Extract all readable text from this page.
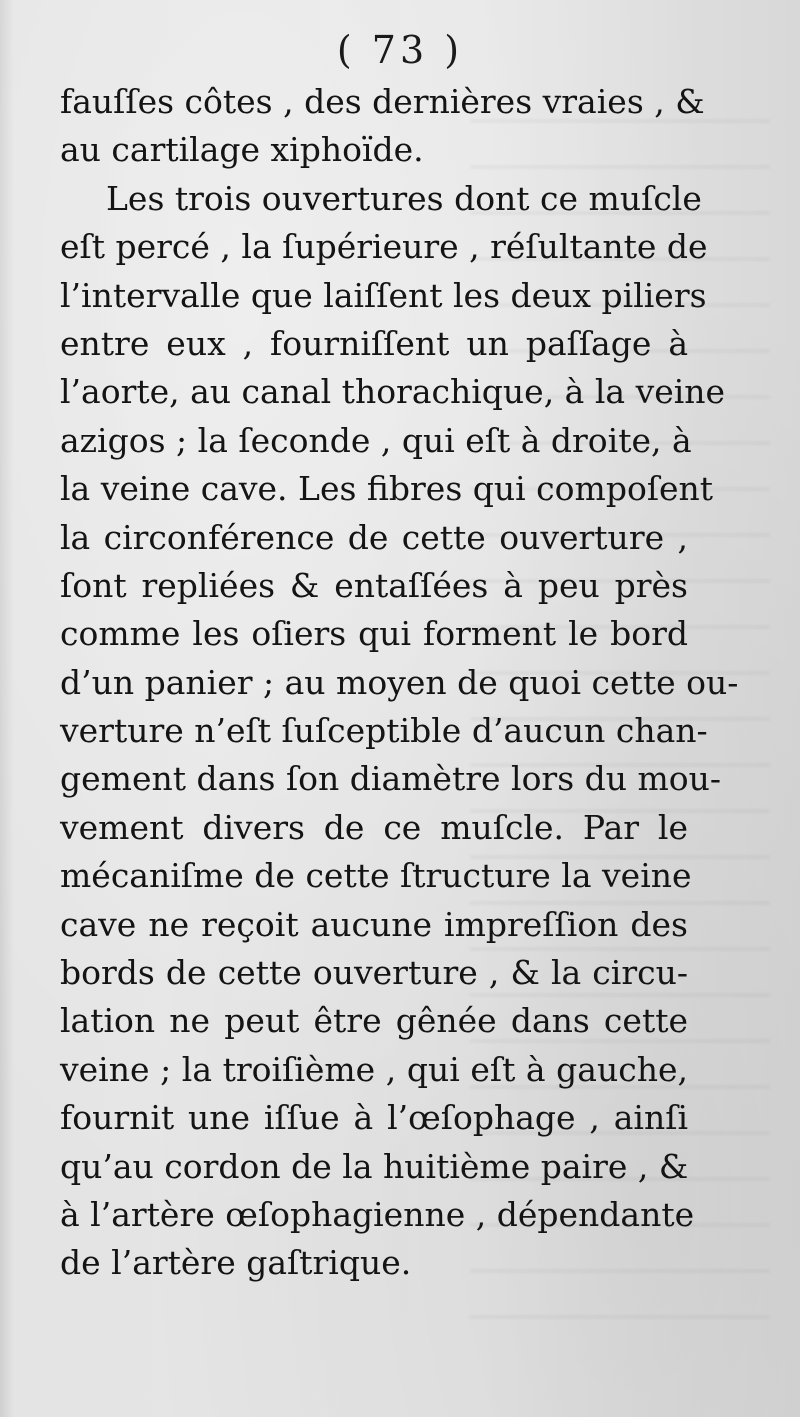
( 73 )
fauſſes côtes , des dernières vraies , &
au cartilage xiphoïde.
Les trois ouvertures dont ce muſcle
eſt percé , la ſupérieure , réſultante de
l’intervalle que laiſſent les deux piliers
entre eux , fourniſſent un paſſage à
l’aorte, au canal thorachique, à la veine
azigos ; la ſeconde , qui eſt à droite, à
la veine cave. Les fibres qui compoſent
la circonférence de cette ouverture ,
ſont repliées & entaſſées à peu près
comme les oſiers qui forment le bord
d’un panier ; au moyen de quoi cette ou-
verture n’eſt ſuſceptible d’aucun chan-
gement dans ſon diamètre lors du mou-
vement divers de ce muſcle. Par le
mécaniſme de cette ſtructure la veine
cave ne reçoit aucune impreſſion des
bords de cette ouverture , & la circu-
lation ne peut être gênée dans cette
veine ; la troiſième , qui eſt à gauche,
fournit une iſſue à l’œſophage , ainſi
qu’au cordon de la huitième paire , &
à l’artère œſophagienne , dépendante
de l’artère gaſtrique.
